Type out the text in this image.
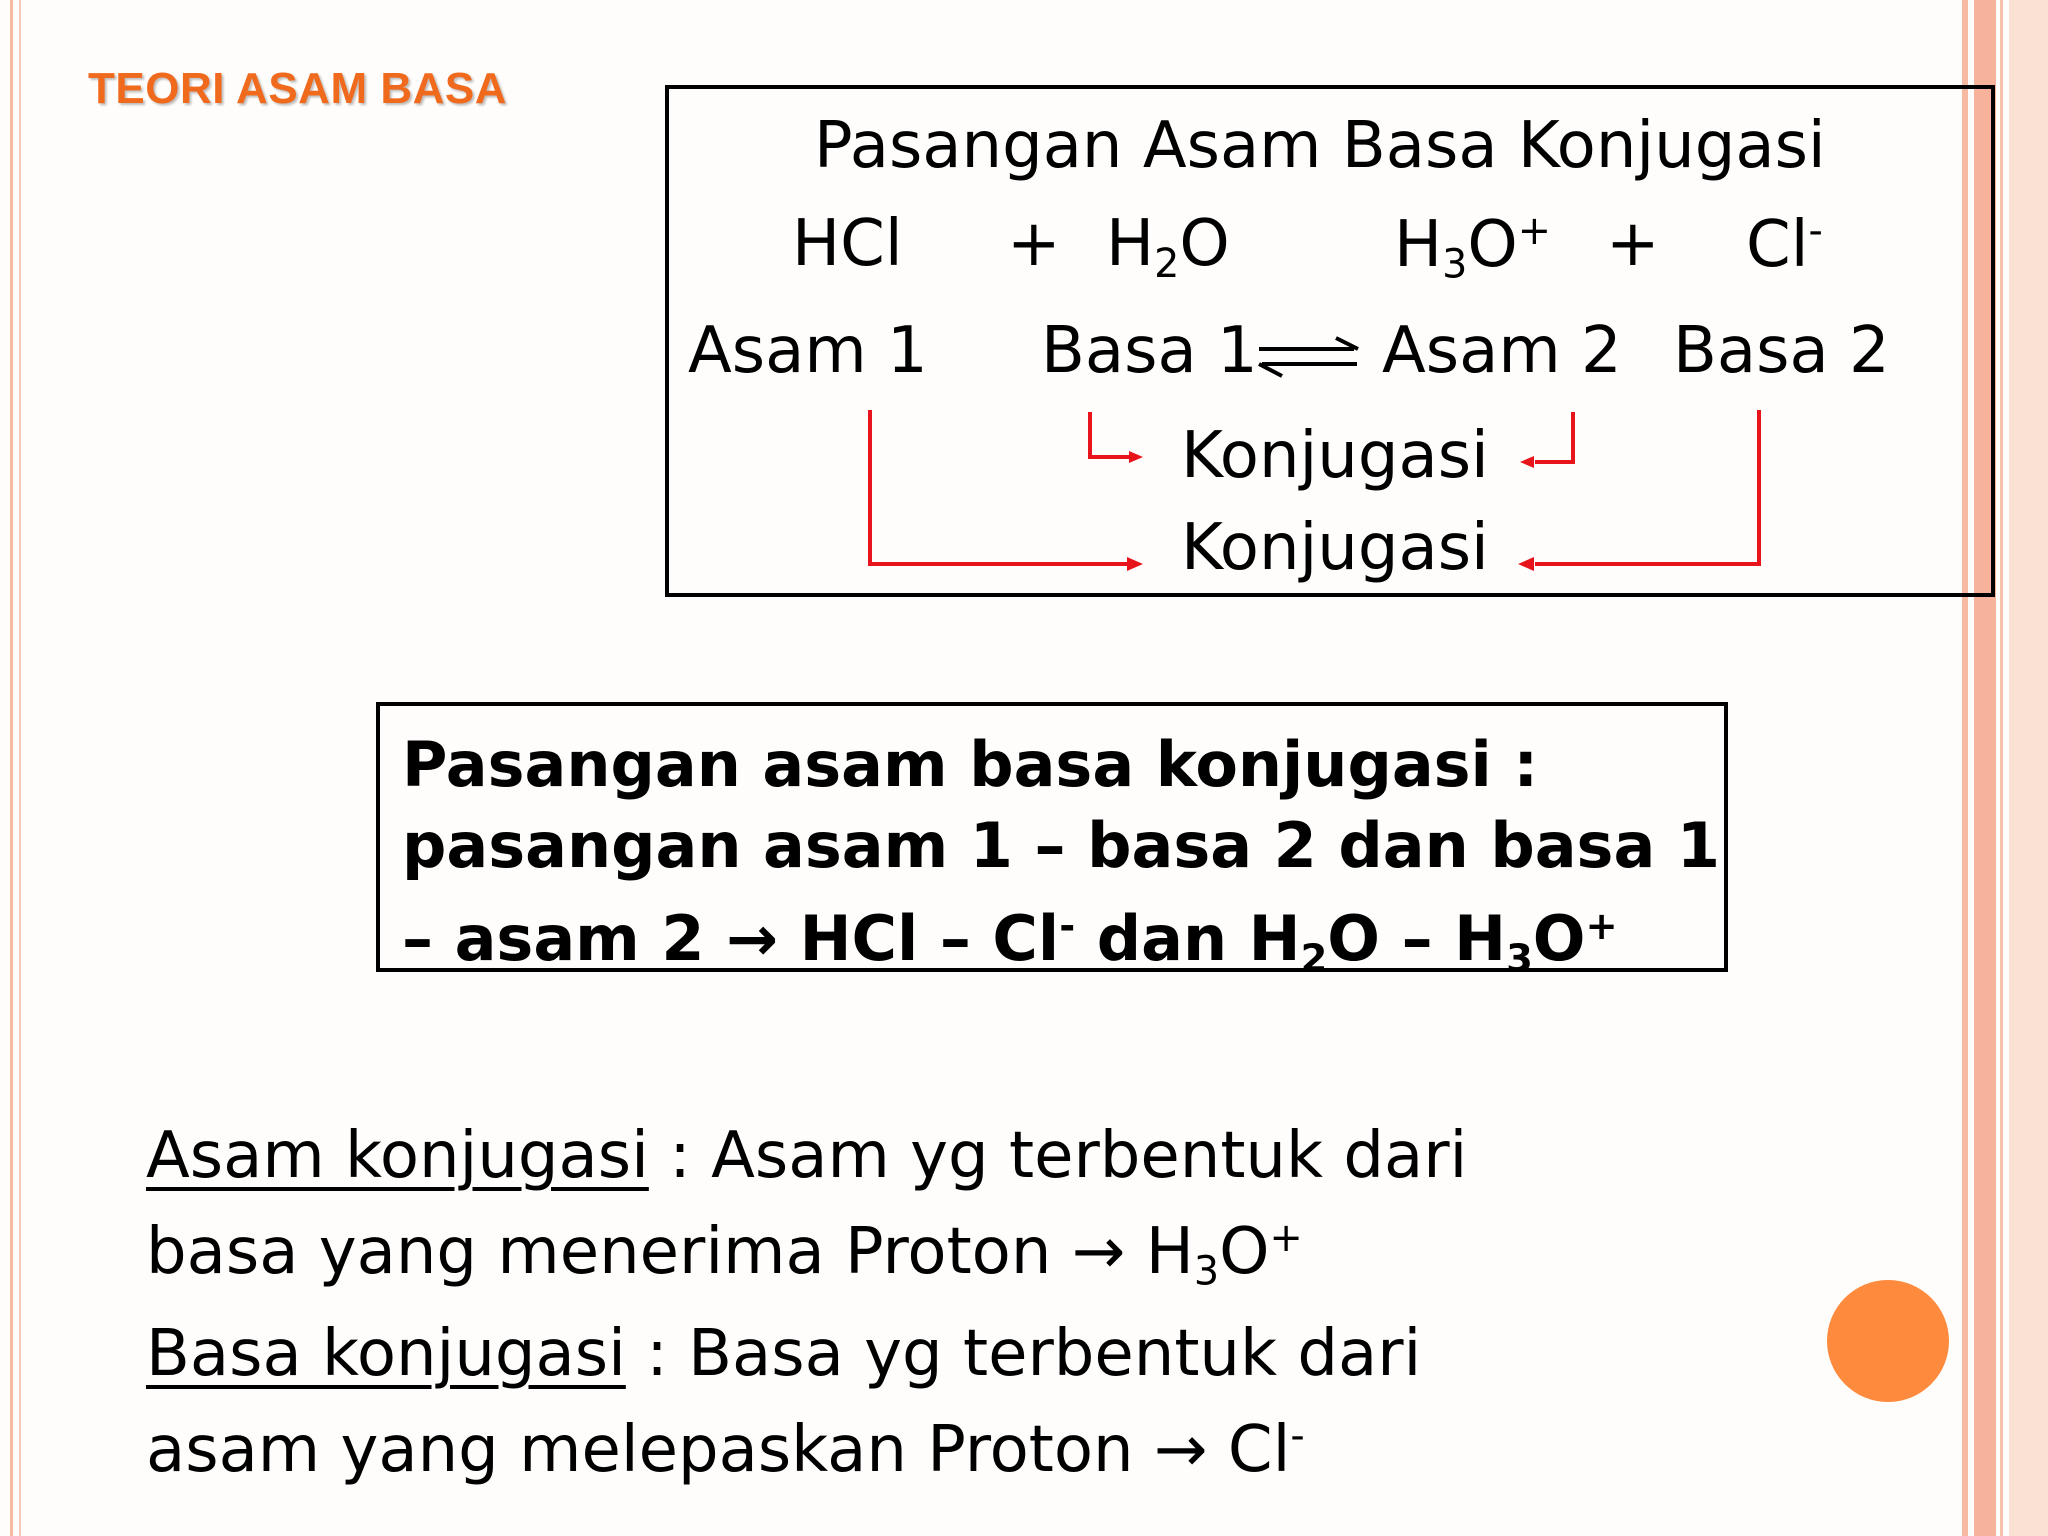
TEORI ASAM BASA
Pasangan Asam Basa Konjugasi
HCl + $H_2O$	$H_3O^+ + Cl^-$
Asam 1 Basa 1 Asam 2 Basa 2
Konjugasi
Konjugasi
Pasangan asam basa konjugasi :
pasangan asam 1 – basa 2 dan basa 1
– asam 2 → HCl – Cl- dan $H_2O - H_3O^+$
Asam konjugasi : Asam yg terbentuk dari
basa yang menerima Proton → $H_3O^+$
Basa konjugasi : Basa yg terbentuk dari
asam yang melepaskan Proton → Cl-
